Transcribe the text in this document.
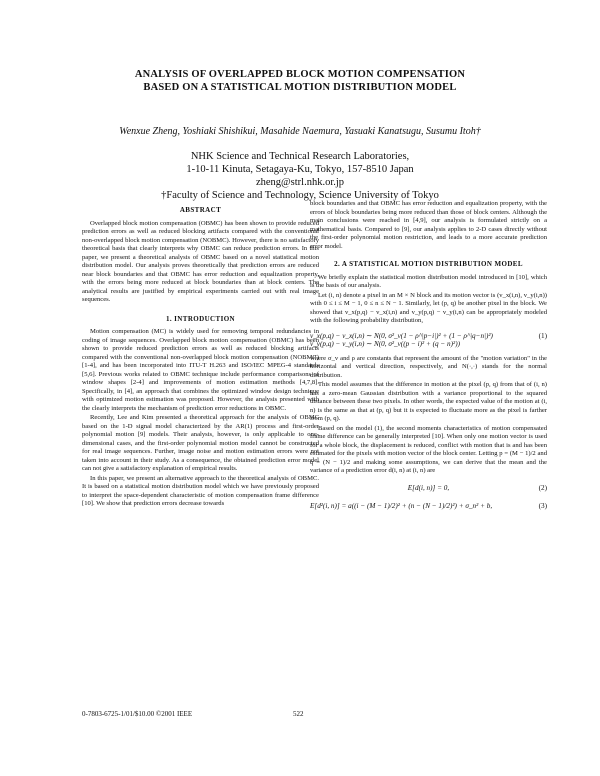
ANALYSIS OF OVERLAPPED BLOCK MOTION COMPENSATION
BASED ON A STATISTICAL MOTION DISTRIBUTION MODEL
Wenxue Zheng, Yoshiaki Shishikui, Masahide Naemura, Yasuaki Kanatsugu, Susumu Itoh†
NHK Science and Technical Research Laboratories,
1-10-11 Kinuta, Setagaya-Ku, Tokyo, 157-8510 Japan
zheng@strl.nhk.or.jp
†Faculty of Science and Technology, Science University of Tokyo
ABSTRACT

Overlapped block motion compensation (OBMC) has been shown to provide reduced prediction errors as well as reduced blocking artifacts compared with the conventional non-overlapped block motion compensation (NOBMC). However, there is no satisfactory theoretical basis that clearly interprets why OBMC can reduce prediction errors. In this paper, we present a theoretical analysis of OBMC based on a novel statistical motion distribution model. Our analysis proves theoretically that prediction errors are reduced near block boundaries and that OBMC has error reduction and equalization property, with the errors being more reduced at block boundaries than at block centers. The analytical results are justified by empirical experiments carried out with real image sequences.

1. INTRODUCTION

Motion compensation (MC) is widely used for removing temporal redundancies in coding of image sequences. Overlapped block motion compensation (OBMC) has been shown to provide reduced prediction errors as well as reduced blocking artifacts compared with the conventional non-overlapped block motion compensation (NOBMC) [1-4], and has been incorporated into ITU-T H.263 and ISO/IEC MPEG-4 standards [5,6]. Previous works related to OBMC technique include performance comparisons of window shapes [2-4] and improvements of motion estimation methods [4,7,8]. Specifically, in [4], an approach that combines the optimized window design technique with optimized motion estimation was proposed. However, the analysis presented with the clearly interprets the mechanism of prediction error reductions in OBMC.

Recently, Lee and Kim presented a theoretical approach for the analysis of OBMC based on the 1-D signal model characterized by the AR(1) process and first-order polynomial motion [9] models. Their analysis, however, is only applicable to one-dimensional cases, and the first-order polynomial motion model cannot be constructed for real image sequences. Further, image noise and motion estimation errors were not taken into account in their study. As a consequence, the obtained prediction error model can not give a satisfactory explanation of empirical results.

In this paper, we present an alternative approach to the theoretical analysis of OBMC. It is based on a statistical motion distribution model which we have previously proposed to interpret the space-dependent characteristic of motion compensation frame difference [10]. We show that prediction errors decrease towards

block boundaries and that OBMC has error reduction and equalization property, with the errors of block boundaries being more reduced than those of block centers. Although the main conclusions were reached in [4,9], our analysis is formulated strictly on a mathematical basis. Compared to [9], our analysis applies to 2-D cases directly without the first-order polynomial motion restriction, and leads to a more accurate prediction error model.

2. A STATISTICAL MOTION DISTRIBUTION MODEL

We briefly explain the statistical motion distribution model introduced in [10], which is the basis of our analysis.

Let (i, n) denote a pixel in an M × N block and its motion vector is (v_x(i,n), v_y(i,n)) with 0 ≤ i ≤ M − 1, 0 ≤ n ≤ N − 1. Similarly, let (p, q) be another pixel in the block. We showed that v_x(p,q) − v_x(i,n) and v_y(p,q) − v_y(i,n) can be appropriately modeled with the following probability distribution,

v_x(p,q) − v_x(i,n) ∼ N(0, σ²_v(1 − ρ^|p−i|)² + (1 − ρ^|q−n|)²)
v_y(p,q) − v_y(i,n) ∼ N(0, σ²_v((p − i)² + (q − n)²))
(1)

where σ_v and ρ are constants that represent the amount of the "motion variation" in the horizontal and vertical direction, respectively, and N(·,·) stands for the normal distribution.

This model assumes that the difference in motion at the pixel (p, q) from that of (i, n) has a zero-mean Gaussian distribution with a variance proportional to the squared distance between these two pixels. In other words, the expected value of the motion at (i, n) is the same as that at (p, q) but it is expected to fluctuate more as the pixel is farther from (p, q).

Based on the model (1), the second moments characteristics of motion compensated frame difference can be generally interpreted [10]. When only one motion vector is used for a whole block, the displacement is reduced, conflict with motion that is and has been estimated for the pixels with motion vector of the block center. Letting p = (M − 1)/2 and q = (N − 1)/2 and making some assumptions, we can derive that the mean and the variance of a prediction error d(i, n) at (i, n) are

E[d(i, n)] = 0,	(2)
E[d²(i, n)] = a((i − (M − 1)/2)² + (n − (N − 1)/2)²) + σ_n² + b,	(3)
0-7803-6725-1/01/$10.00 ©2001 IEEE	522
